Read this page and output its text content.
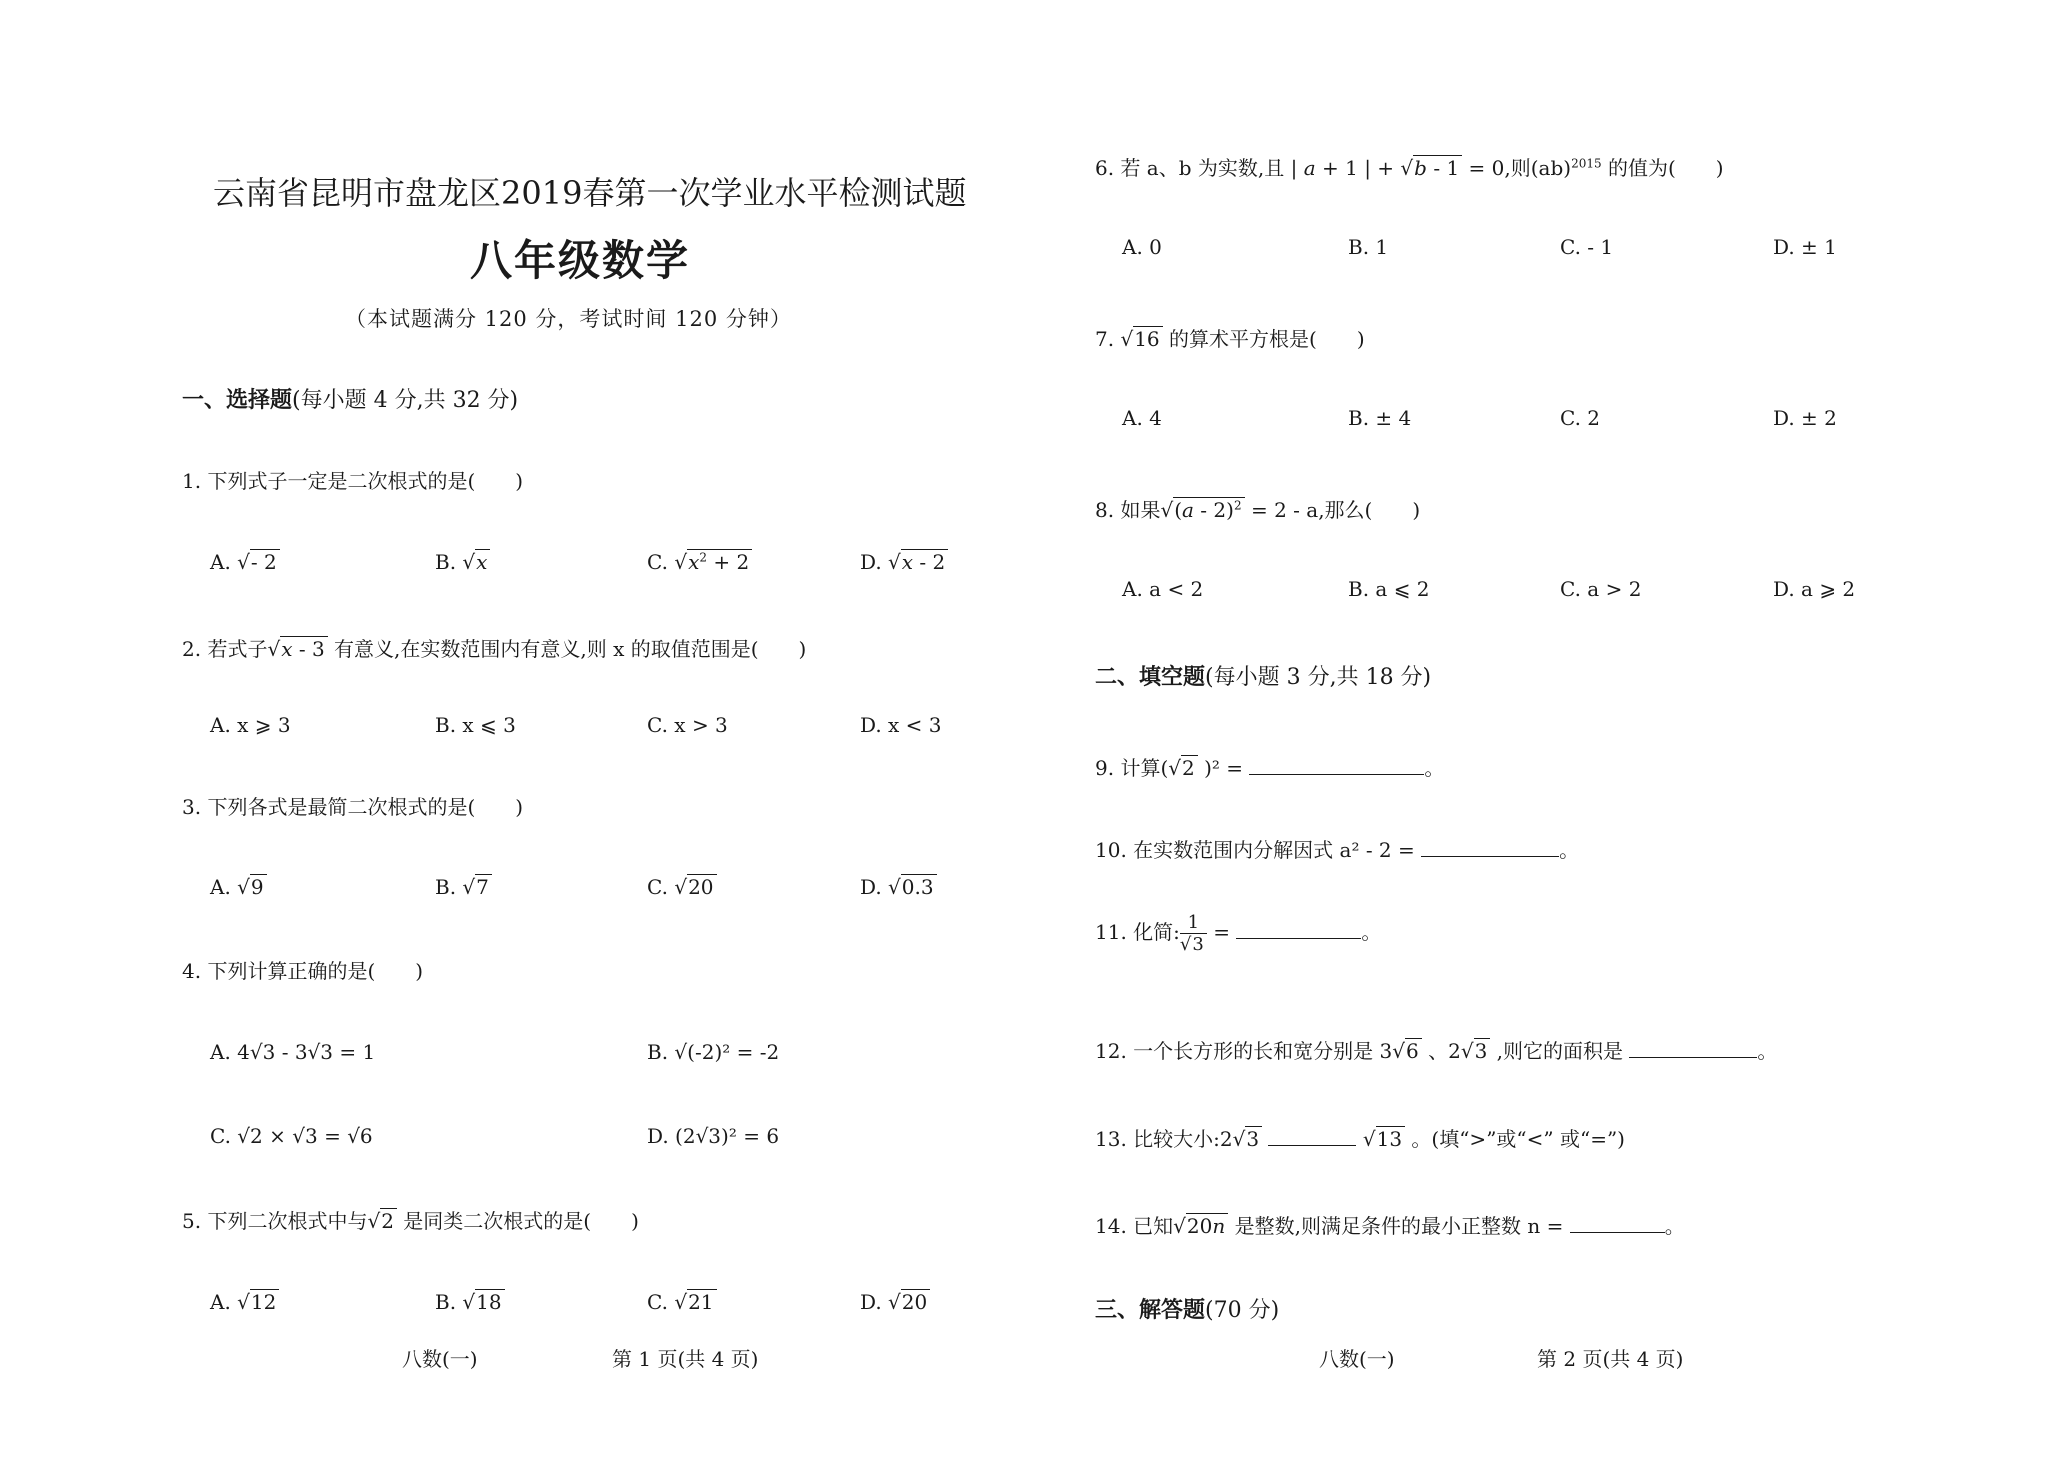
云南省昆明市盘龙区2019春第一次学业水平检测试题
八年级数学
（本试题满分 120 分，考试时间 120 分钟）
一、选择题(每小题 4 分,共 32 分)
1. 下列式子一定是二次根式的是(　　)
A. √- 2	B. √x	C. $√x^2 + 2$	D. √x - 2
2. 若式子√x - 3 有意义,在实数范围内有意义,则 x 的取值范围是(　　)
A. x ⩾ 3	B. x ⩽ 3	C. x > 3	D. x < 3
3. 下列各式是最简二次根式的是(　　)
A. √9	B. √7	C. √20	D. √0.3
4. 下列计算正确的是(　　)
A. 4√3 - 3√3 = 1	B. √(-2)² = -2
C. √2 × √3 = √6	D. (2√3)² = 6
5. 下列二次根式中与√2 是同类二次根式的是(　　)
A. √12	B. √18	C. √21	D. √20
八数(一)	第 1 页(共 4 页)
6. 若 a、b 为实数,且 | a + 1 | + √b - 1 = 0,则(ab)$^{2015}$ 的值为(　　)
A. 0	B. 1	C. - 1	D. ± 1
7. √16 的算术平方根是(　　)
A. 4	B. ± 4	C. 2	D. ± 2
8. 如果√(a - 2)$^2$ = 2 - a,那么(　　)
A. a < 2	B. a ⩽ 2	C. a > 2	D. a ⩾ 2
二、填空题(每小题 3 分,共 18 分)
9. 计算(√2 )² =	。
10. 在实数范围内分解因式 a² - 2 =	。
11. 化简: $\frac{1}{√3}$ =	。
12. 一个长方形的长和宽分别是 3√6 、2√3 ,则它的面积是	。
13. 比较大小:2√3	√13 。(填“>”或“<” 或“=”)
14. 已知√20n 是整数,则满足条件的最小正整数 n =	。
三、解答题(70 分)
八数(一)	第 2 页(共 4 页)
